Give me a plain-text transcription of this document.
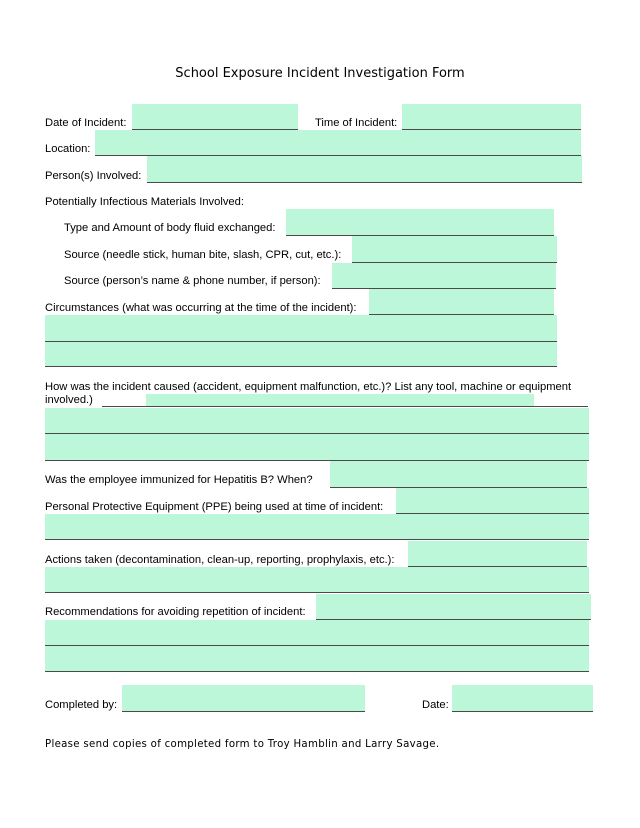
School Exposure Incident Investigation Form
Date of Incident:	Time of Incident:
Location:
Person(s) Involved:
Potentially Infectious Materials Involved:
Type and Amount of body fluid exchanged:
Source (needle stick, human bite, slash, CPR, cut, etc.):
Source (person’s name & phone number, if person):
Circumstances (what was occurring at the time of the incident):
How was the incident caused (accident, equipment malfunction, etc.)? List any tool, machine or equipment
involved.)
Was the employee immunized for Hepatitis B? When?
Personal Protective Equipment (PPE) being used at time of incident:
Actions taken (decontamination, clean-up, reporting, prophylaxis, etc.):
Recommendations for avoiding repetition of incident:
Completed by:	Date:
Please send copies of completed form to Troy Hamblin and Larry Savage.
